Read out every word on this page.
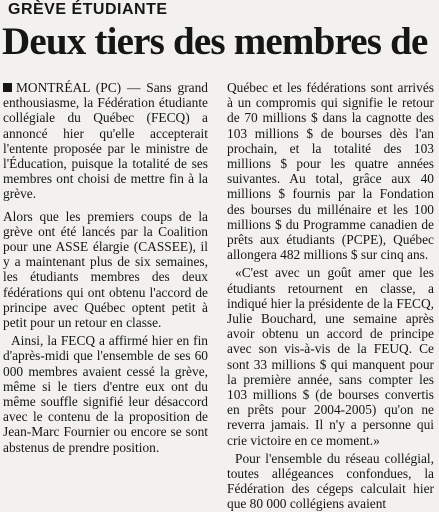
GRÈVE ÉTUDIANTE
Deux tiers des membres de

MONTRÉAL (PC) — Sans grand enthousiasme, la Fédération étudiante collégiale du Québec (FECQ) a annoncé hier qu'elle accepterait l'entente proposée par le ministre de l'Éducation, puisque la totalité de ses membres ont choisi de mettre fin à la grève.

Alors que les premiers coups de la grève ont été lancés par la Coalition pour une ASSE élargie (CASSEE), il y a maintenant plus de six semaines, les étudiants membres des deux fédérations qui ont obtenu l'accord de principe avec Québec optent petit à petit pour un retour en classe.

Ainsi, la FECQ a affirmé hier en fin d'après-midi que l'ensemble de ses 60 000 membres avaient cessé la grève, même si le tiers d'entre eux ont du même souffle signifié leur désaccord avec le contenu de la proposition de Jean-Marc Fournier ou encore se sont abstenus de prendre position.

Québec et les fédérations sont arrivés à un compromis qui signifie le retour de 70 millions $ dans la cagnotte des 103 millions $ de bourses dès l'an prochain, et la totalité des 103 millions $ pour les quatre années suivantes. Au total, grâce aux 40 millions $ fournis par la Fondation des bourses du millénaire et les 100 millions $ du Programme canadien de prêts aux étudiants (PCPE), Québec allongera 482 millions $ sur cinq ans.

«C'est avec un goût amer que les étudiants retournent en classe, a indiqué hier la présidente de la FECQ, Julie Bouchard, une semaine après avoir obtenu un accord de principe avec son vis-à-vis de la FEUQ. Ce sont 33 millions $ qui manquent pour la première année, sans compter les 103 millions $ (de bourses convertis en prêts pour 2004-2005) qu'on ne reverra jamais. Il n'y a personne qui crie victoire en ce moment.»

Pour l'ensemble du réseau collégial, toutes allégeances confondues, la Fédération des cégeps calculait hier que 80 000 collégiens avaient
